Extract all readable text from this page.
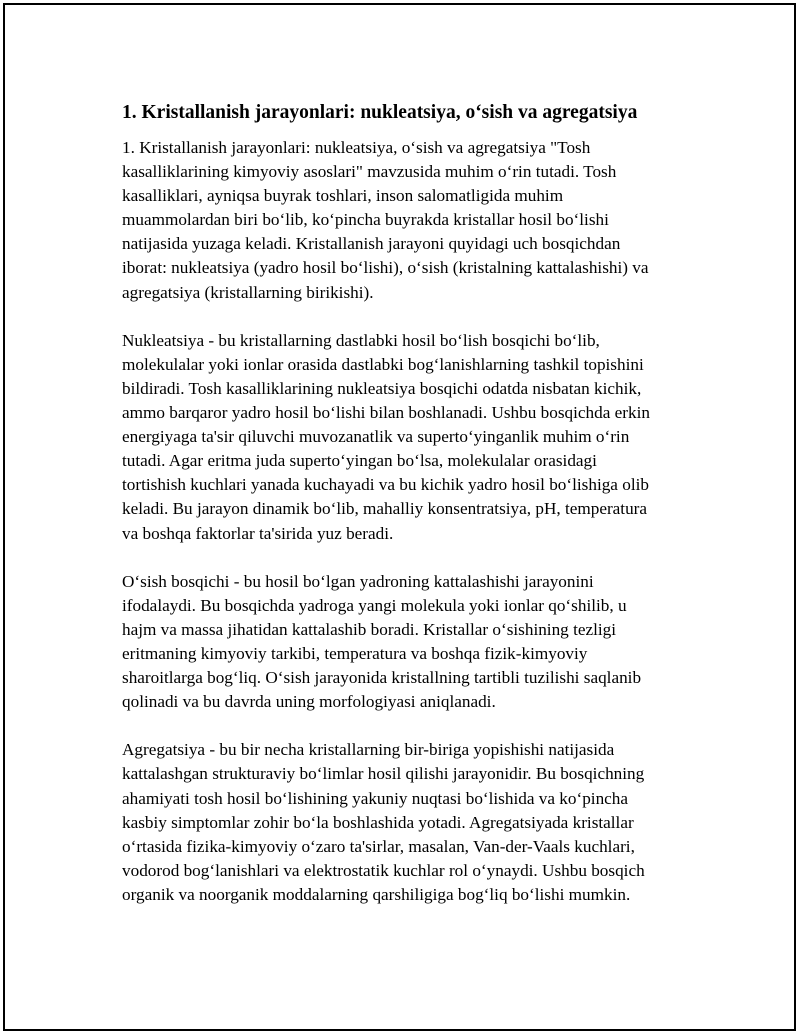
1. Kristallanish jarayonlari: nukleatsiya, o‘sish va agregatsiya

1. Kristallanish jarayonlari: nukleatsiya, o‘sish va agregatsiya "Tosh
kasalliklarining kimyoviy asoslari" mavzusida muhim o‘rin tutadi. Tosh
kasalliklari, ayniqsa buyrak toshlari, inson salomatligida muhim
muammolardan biri bo‘lib, ko‘pincha buyrakda kristallar hosil bo‘lishi
natijasida yuzaga keladi. Kristallanish jarayoni quyidagi uch bosqichdan
iborat: nukleatsiya (yadro hosil bo‘lishi), o‘sish (kristalning kattalashishi) va
agregatsiya (kristallarning birikishi).

Nukleatsiya - bu kristallarning dastlabki hosil bo‘lish bosqichi bo‘lib,
molekulalar yoki ionlar orasida dastlabki bog‘lanishlarning tashkil topishini
bildiradi. Tosh kasalliklarining nukleatsiya bosqichi odatda nisbatan kichik,
ammo barqaror yadro hosil bo‘lishi bilan boshlanadi. Ushbu bosqichda erkin
energiyaga ta'sir qiluvchi muvozanatlik va superto‘yinganlik muhim o‘rin
tutadi. Agar eritma juda superto‘yingan bo‘lsa, molekulalar orasidagi
tortishish kuchlari yanada kuchayadi va bu kichik yadro hosil bo‘lishiga olib
keladi. Bu jarayon dinamik bo‘lib, mahalliy konsentratsiya, pH, temperatura
va boshqa faktorlar ta'sirida yuz beradi.

O‘sish bosqichi - bu hosil bo‘lgan yadroning kattalashishi jarayonini
ifodalaydi. Bu bosqichda yadroga yangi molekula yoki ionlar qo‘shilib, u
hajm va massa jihatidan kattalashib boradi. Kristallar o‘sishining tezligi
eritmaning kimyoviy tarkibi, temperatura va boshqa fizik-kimyoviy
sharoitlarga bog‘liq. O‘sish jarayonida kristallning tartibli tuzilishi saqlanib
qolinadi va bu davrda uning morfologiyasi aniqlanadi.

Agregatsiya - bu bir necha kristallarning bir-biriga yopishishi natijasida
kattalashgan strukturaviy bo‘limlar hosil qilishi jarayonidir. Bu bosqichning
ahamiyati tosh hosil bo‘lishining yakuniy nuqtasi bo‘lishida va ko‘pincha
kasbiy simptomlar zohir bo‘la boshlashida yotadi. Agregatsiyada kristallar
o‘rtasida fizika-kimyoviy o‘zaro ta'sirlar, masalan, Van-der-Vaals kuchlari,
vodorod bog‘lanishlari va elektrostatik kuchlar rol o‘ynaydi. Ushbu bosqich
organik va noorganik moddalarning qarshiligiga bog‘liq bo‘lishi mumkin.
